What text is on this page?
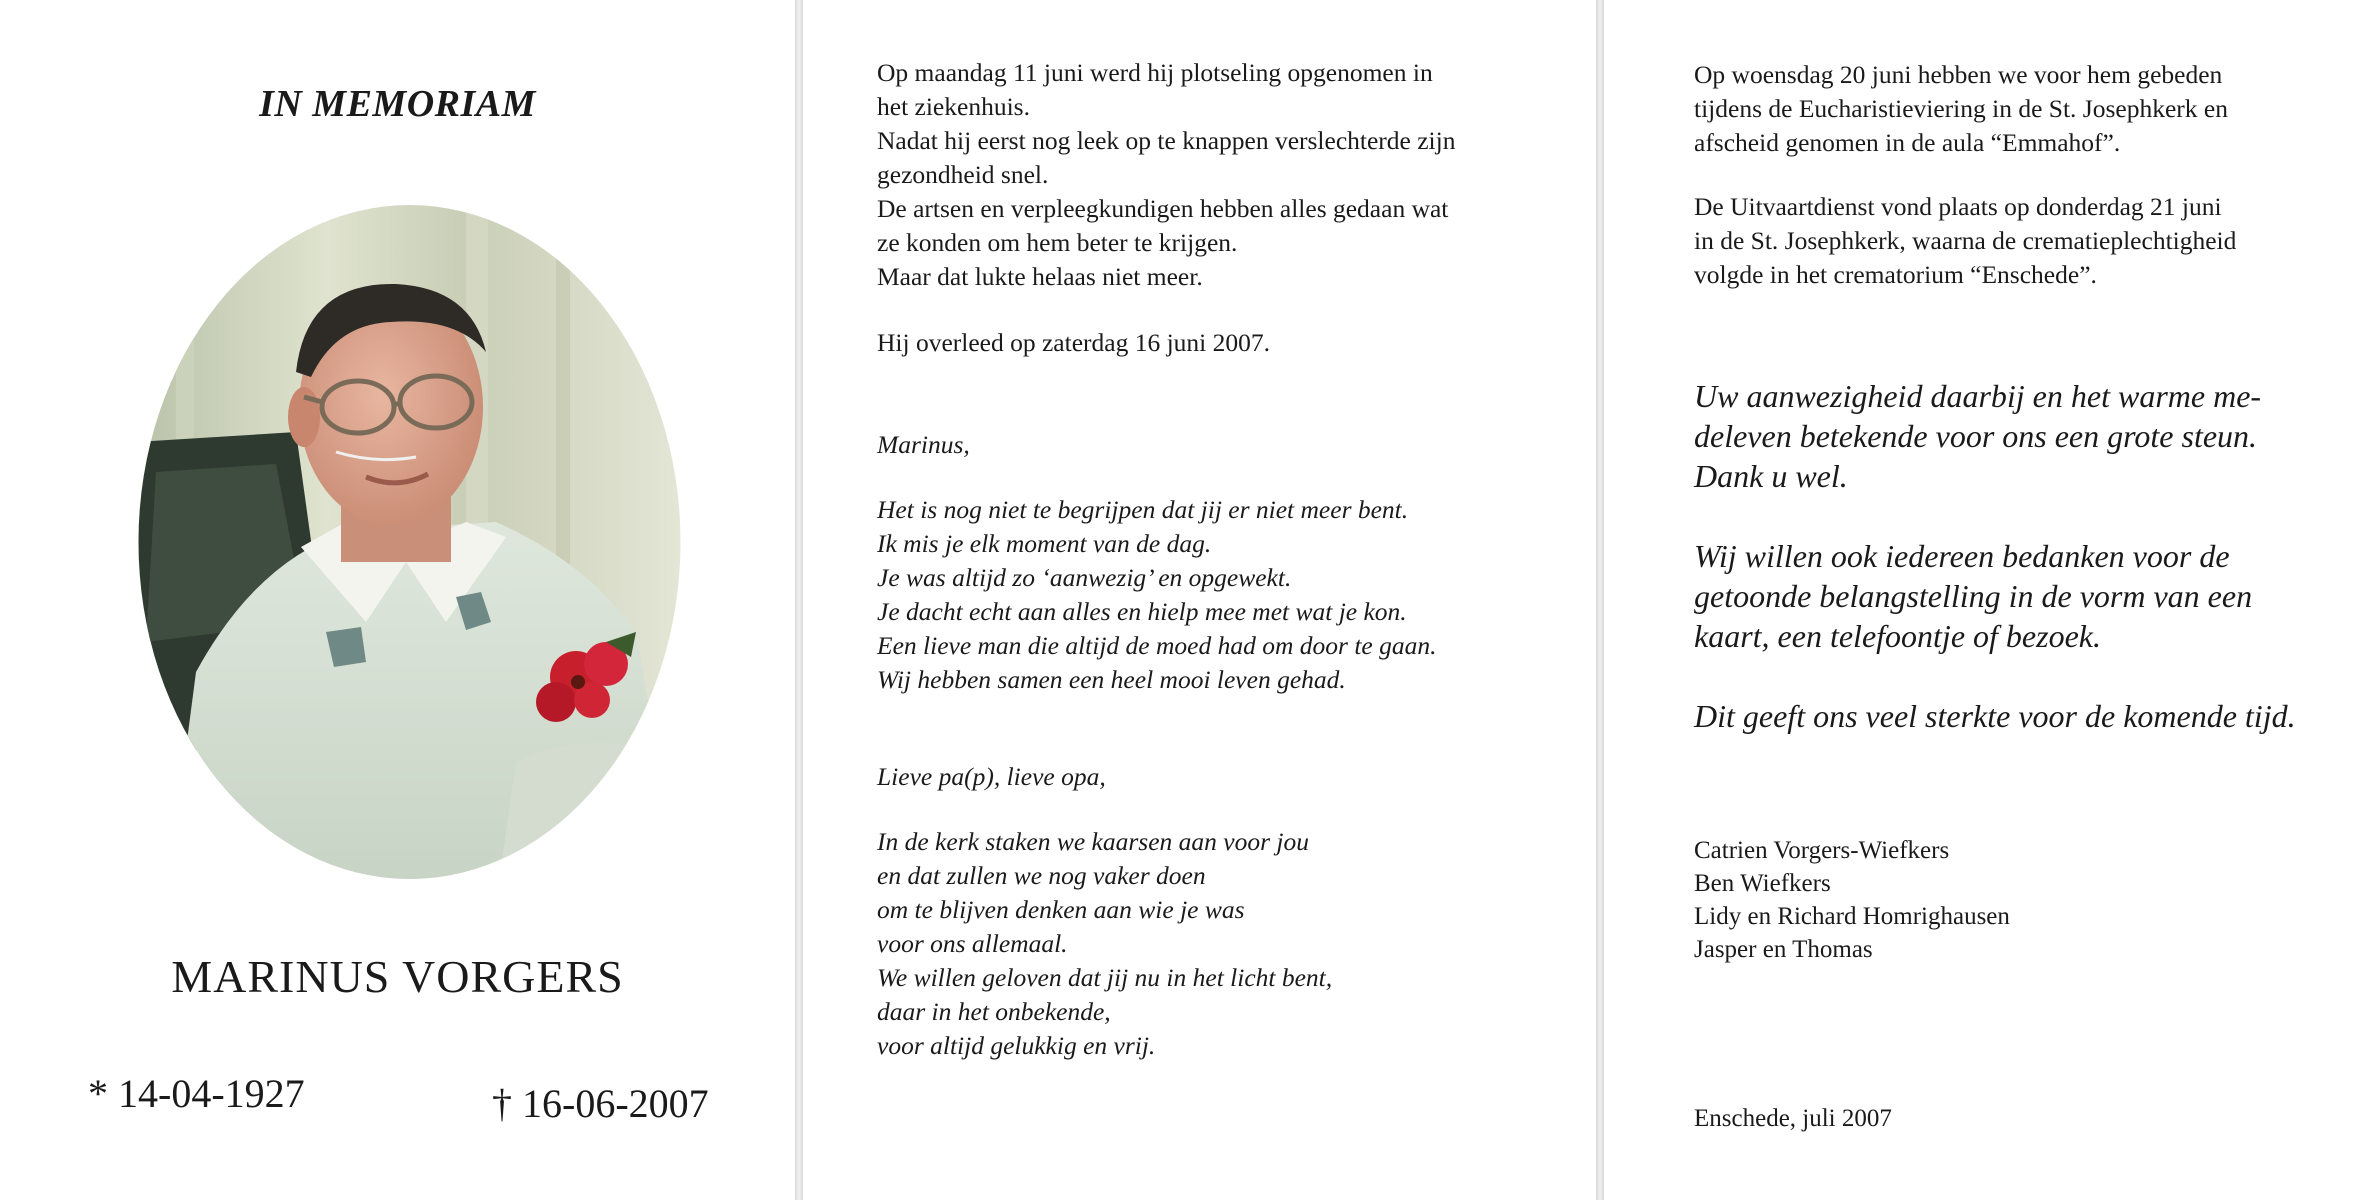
IN MEMORIAM
MARINUS VORGERS
* 14-04-1927	† 16-06-2007
Op maandag 11 juni werd hij plotseling opgenomen in
het ziekenhuis.
Nadat hij eerst nog leek op te knappen verslechterde zijn
gezondheid snel.
De artsen en verpleegkundigen hebben alles gedaan wat
ze konden om hem beter te krijgen.
Maar dat lukte helaas niet meer.
Hij overleed op zaterdag 16 juni 2007.
Marinus,
Het is nog niet te begrijpen dat jij er niet meer bent.
Ik mis je elk moment van de dag.
Je was altijd zo ‘aanwezig’ en opgewekt.
Je dacht echt aan alles en hielp mee met wat je kon.
Een lieve man die altijd de moed had om door te gaan.
Wij hebben samen een heel mooi leven gehad.
Lieve pa(p), lieve opa,
In de kerk staken we kaarsen aan voor jou
en dat zullen we nog vaker doen
om te blijven denken aan wie je was
voor ons allemaal.
We willen geloven dat jij nu in het licht bent,
daar in het onbekende,
voor altijd gelukkig en vrij.
Op woensdag 20 juni hebben we voor hem gebeden
tijdens de Eucharistieviering in de St. Josephkerk en
afscheid genomen in de aula “Emmahof”.
De Uitvaartdienst vond plaats op donderdag 21 juni
in de St. Josephkerk, waarna de crematieplechtigheid
volgde in het crematorium “Enschede”.
Uw aanwezigheid daarbij en het warme me-
deleven betekende voor ons een grote steun.
Dank u wel.
Wij willen ook iedereen bedanken voor de
getoonde belangstelling in de vorm van een
kaart, een telefoontje of bezoek.
Dit geeft ons veel sterkte voor de komende tijd.
Catrien Vorgers-Wiefkers
Ben Wiefkers
Lidy en Richard Homrighausen
Jasper en Thomas
Enschede, juli 2007
